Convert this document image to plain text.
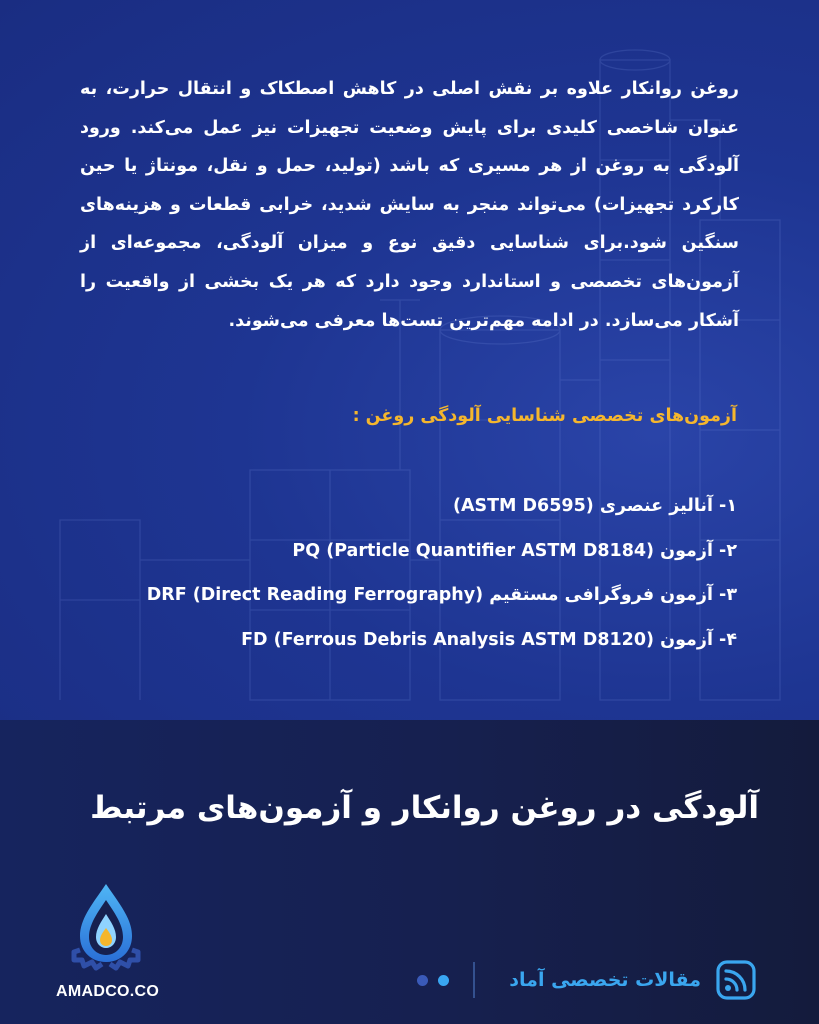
روغن روانکار علاوه بر نقش اصلی در کاهش اصطکاک و انتقال حرارت، به عنوان شاخصی کلیدی برای پایش وضعیت تجهیزات نیز عمل می‌کند. ورود آلودگی به روغن از هر مسیری که باشد (تولید، حمل و نقل، مونتاژ یا حین کارکرد تجهیزات) می‌تواند منجر به سایش شدید، خرابی قطعات و هزینه‌های سنگین شود.برای شناسایی دقیق نوع و میزان آلودگی، مجموعه‌ای از آزمون‌های تخصصی و استاندارد وجود دارد که هر یک بخشی از واقعیت را آشکار می‌سازد. در ادامه مهم‌ترین تست‌ها معرفی می‌شوند.

آزمون‌های تخصصی شناسایی آلودگی روغن :
۱- آنالیز عنصری (ASTM D6595)
۲- آزمون (PQ (Particle Quantifier ASTM D8184
۳- آزمون فروگرافی مستقیم (DRF (Direct Reading Ferrography
۴- آزمون (FD (Ferrous Debris Analysis ASTM D8120
آلودگی در روغن روانکار و آزمون‌های مرتبط
AMADCO.CO
مقالات تخصصی آماد
